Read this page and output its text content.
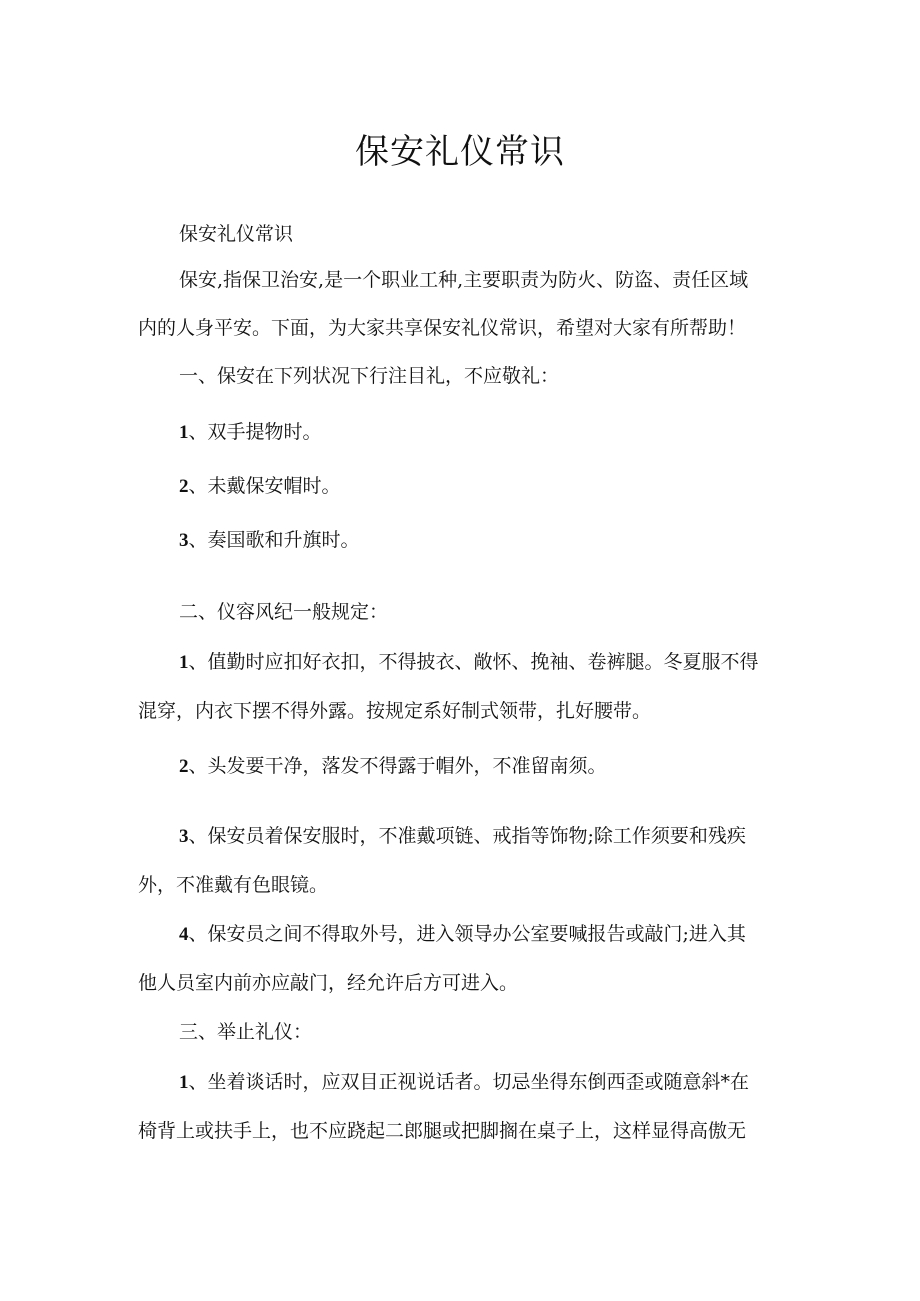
保安礼仪常识

保安礼仪常识

保安,指保卫治安,是一个职业工种,主要职责为防火、防盗、责任区域
内的人身平安。下面，为大家共享保安礼仪常识，希望对大家有所帮助！

一、保安在下列状况下行注目礼，不应敬礼：

1、双手提物时。

2、未戴保安帽时。

3、奏国歌和升旗时。

二、仪容风纪一般规定：

1、值勤时应扣好衣扣，不得披衣、敞怀、挽袖、卷裤腿。冬夏服不得
混穿，内衣下摆不得外露。按规定系好制式领带，扎好腰带。

2、头发要干净，落发不得露于帽外，不准留南须。

3、保安员着保安服时，不准戴项链、戒指等饰物;除工作须要和残疾
外，不准戴有色眼镜。

4、保安员之间不得取外号，进入领导办公室要喊报告或敲门;进入其
他人员室内前亦应敲门，经允许后方可进入。

三、举止礼仪：

1、坐着谈话时，应双目正视说话者。切忌坐得东倒西歪或随意斜*在
椅背上或扶手上，也不应跷起二郎腿或把脚搁在桌子上，这样显得高傲无
